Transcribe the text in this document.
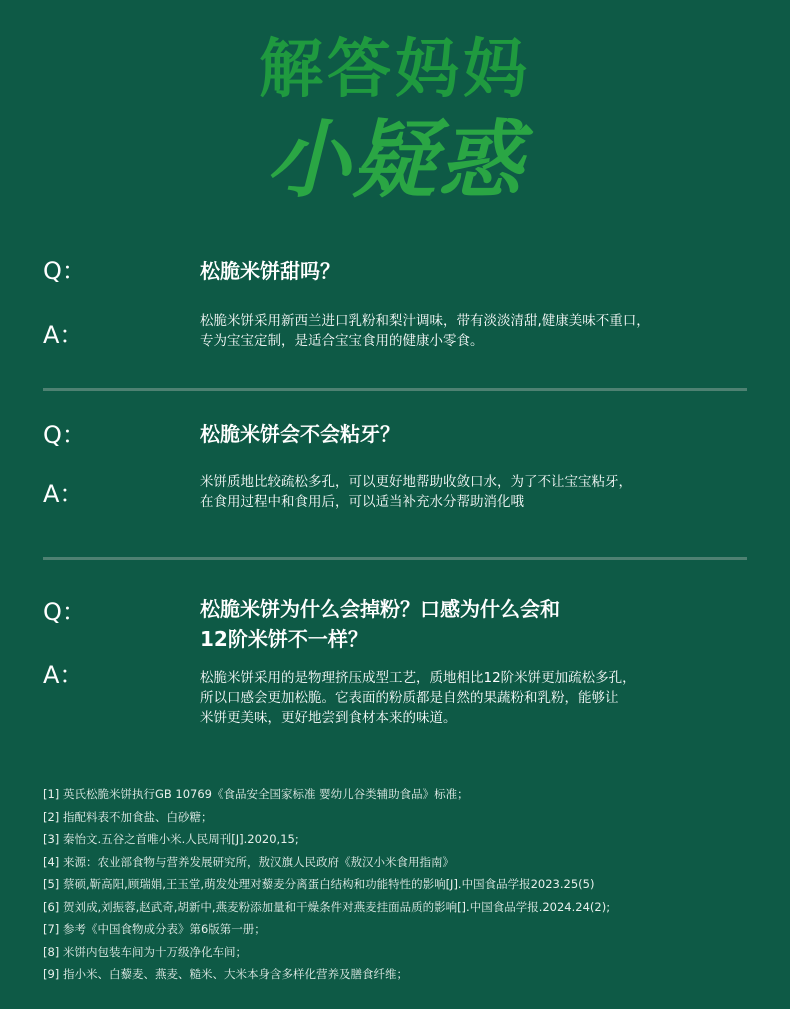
解答妈妈
小疑惑
Q：	松脆米饼甜吗？
A：	松脆米饼采用新西兰进口乳粉和梨汁调味，带有淡淡清甜,健康美味不重口，
专为宝宝定制，是适合宝宝食用的健康小零食。
Q：	松脆米饼会不会粘牙？
A：	米饼质地比较疏松多孔，可以更好地帮助收敛口水，为了不让宝宝粘牙，
在食用过程中和食用后，可以适当补充水分帮助消化哦
Q：	松脆米饼为什么会掉粉？口感为什么会和
12阶米饼不一样？
A：	松脆米饼采用的是物理挤压成型工艺，质地相比12阶米饼更加疏松多孔，
所以口感会更加松脆。它表面的粉质都是自然的果蔬粉和乳粉，能够让
米饼更美味，更好地尝到食材本来的味道。
[1] 英氏松脆米饼执行GB 10769《食品安全国家标准 婴幼儿谷类辅助食品》标准；
[2] 指配料表不加食盐、白砂糖；
[3] 秦怡文.五谷之首唯小米.人民周刊[J].2020,15;
[4] 来源：农业部食物与营养发展研究所，敖汉旗人民政府《敖汉小米食用指南》
[5] 蔡硕,靳高阳,顾瑞娟,王玉堂,萌发处理对藜麦分离蛋白结构和功能特性的影响[J].中国食品学报2023.25(5)
[6] 贺刘成,刘振蓉,赵武奇,胡新中,燕麦粉添加量和干燥条件对燕麦挂面品质的影响[].中国食品学报.2024.24(2);
[7] 参考《中国食物成分表》第6版第一册；
[8] 米饼内包装车间为十万级净化车间；
[9] 指小米、白藜麦、燕麦、糙米、大米本身含多样化营养及膳食纤维；
